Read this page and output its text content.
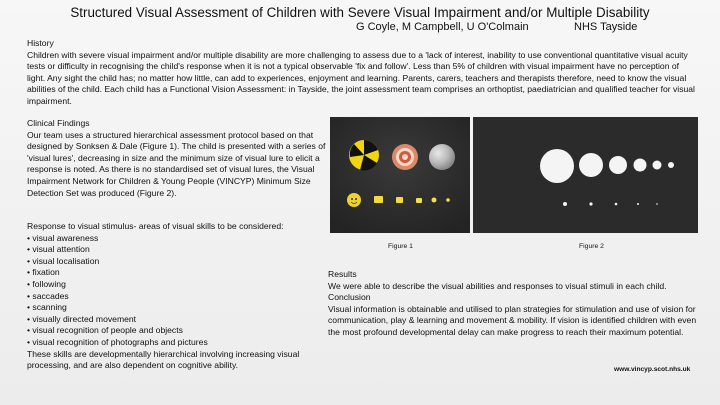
Structured Visual Assessment of Children with Severe Visual Impairment and/or Multiple Disability
G Coyle, M Campbell, U O'Colmain	NHS Tayside

History

Children with severe visual impairment and/or multiple disability are more challenging to assess due to a 'lack of interest, inability to use conventional quantitative visual acuity tests or difficulty in recognising the child's response when it is not a typical observable 'fix and follow'. Less than 5% of children with visual impairment have no perception of light. Any sight the child has; no matter how little, can add to experiences, enjoyment and learning. Parents, carers, teachers and therapists therefore, need to know the visual abilities of the child. Each child has a Functional Vision Assessment: in Tayside, the joint assessment team comprises an orthoptist, paediatrician and qualified teacher for visual impairment.

Clinical Findings

Our team uses a structured hierarchical assessment protocol based on that designed by Sonksen & Dale (Figure 1). The child is presented with a series of 'visual lures', decreasing in size and the minimum size of visual lure to elicit a response is noted. As there is no standardised set of visual lures, the Visual Impairment Network for Children & Young People (VINCYP) Minimum Size Detection Set was produced (Figure 2).

Response to visual stimulus- areas of visual skills to be considered:

• visual awareness
• visual attention
• visual localisation
• fixation
• following
• saccades
• scanning
• visually directed movement
• visual recognition of people and objects
• visual recognition of photographs and pictures

These skills are developmentally hierarchical involving increasing visual processing, and are also dependent on cognitive ability.

Figure 1	Figure 2

Results

We were able to describe the visual abilities and responses to visual stimuli in each child.

Conclusion

Visual information is obtainable and utilised to plan strategies for stimulation and use of vision for communication, play & learning and movement & mobility. If vision is identified children with even the most profound developmental delay can make progress to reach their maximum potential.

www.vincyp.scot.nhs.uk
